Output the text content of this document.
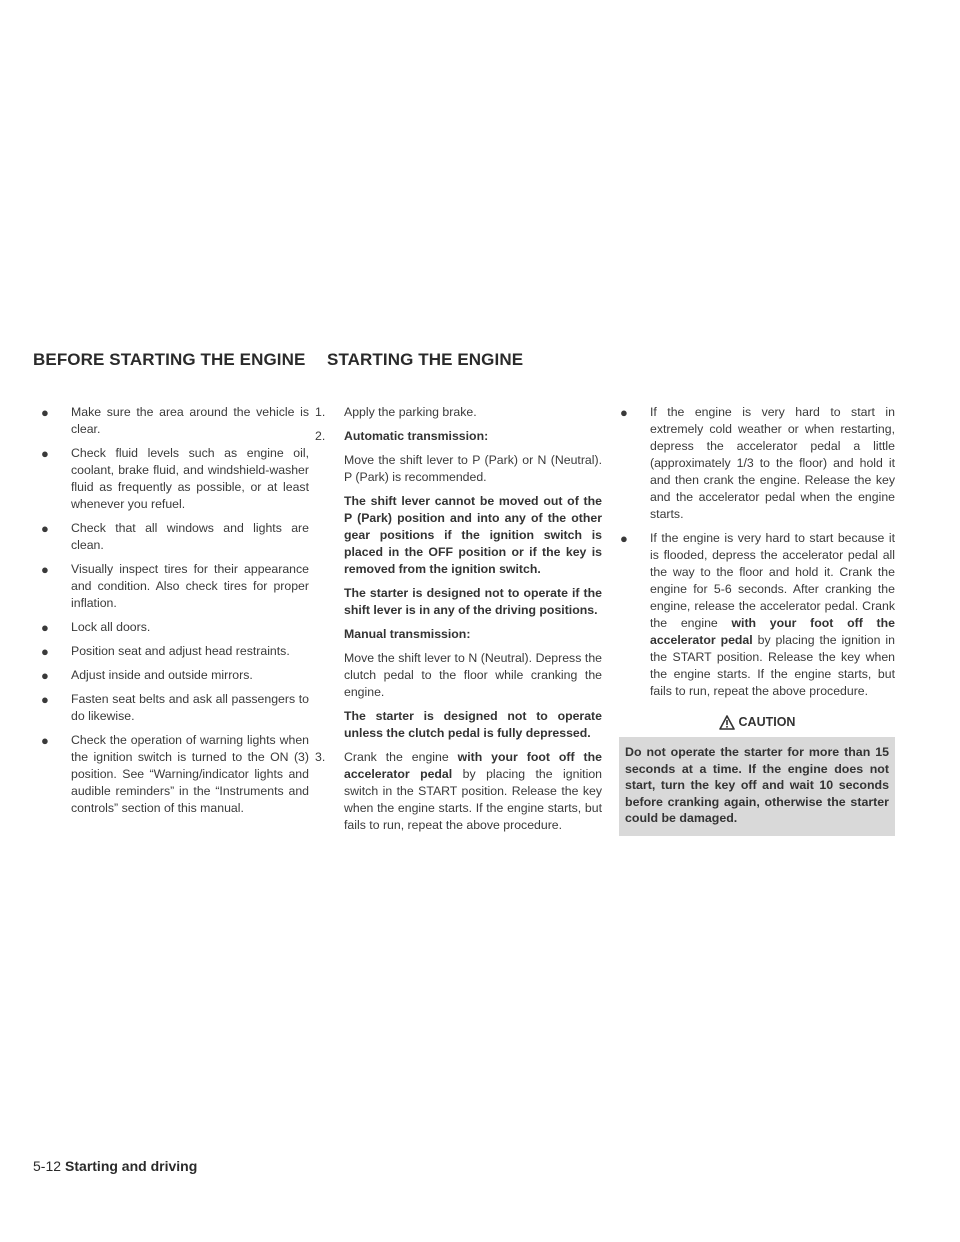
BEFORE STARTING THE ENGINE STARTING THE ENGINE
● Make sure the area around the vehicle is clear.
● Check fluid levels such as engine oil, coolant, brake fluid, and windshield-washer fluid as frequently as possible, or at least whenever you refuel.
● Check that all windows and lights are clean.
● Visually inspect tires for their appearance and condition. Also check tires for proper inflation.
● Lock all doors.
● Position seat and adjust head restraints.
● Adjust inside and outside mirrors.
● Fasten seat belts and ask all passengers to do likewise.
● Check the operation of warning lights when the ignition switch is turned to the ON (3) position. See “Warning/indicator lights and audible reminders” in the “Instruments and controls” section of this manual.
1. Apply the parking brake.
2. Automatic transmission:
Move the shift lever to P (Park) or N (Neutral). P (Park) is recommended.
The shift lever cannot be moved out of the P (Park) position and into any of the other gear positions if the ignition switch is placed in the OFF position or if the key is removed from the ignition switch.
The starter is designed not to operate if the shift lever is in any of the driving positions.
Manual transmission:
Move the shift lever to N (Neutral). Depress the clutch pedal to the floor while cranking the engine.
The starter is designed not to operate unless the clutch pedal is fully depressed.
3. Crank the engine with your foot off the accelerator pedal by placing the ignition switch in the START position. Release the key when the engine starts. If the engine starts, but fails to run, repeat the above procedure.
● If the engine is very hard to start in extremely cold weather or when restarting, depress the accelerator pedal a little (approximately 1/3 to the floor) and hold it and then crank the engine. Release the key and the accelerator pedal when the engine starts.
● If the engine is very hard to start because it is flooded, depress the accelerator pedal all the way to the floor and hold it. Crank the engine for 5-6 seconds. After cranking the engine, release the accelerator pedal. Crank the engine with your foot off the accelerator pedal by placing the ignition in the START position. Release the key when the engine starts. If the engine starts, but fails to run, repeat the above procedure.
CAUTION
Do not operate the starter for more than 15 seconds at a time. If the engine does not start, turn the key off and wait 10 seconds before cranking again, otherwise the starter could be damaged.
5-12 Starting and driving
